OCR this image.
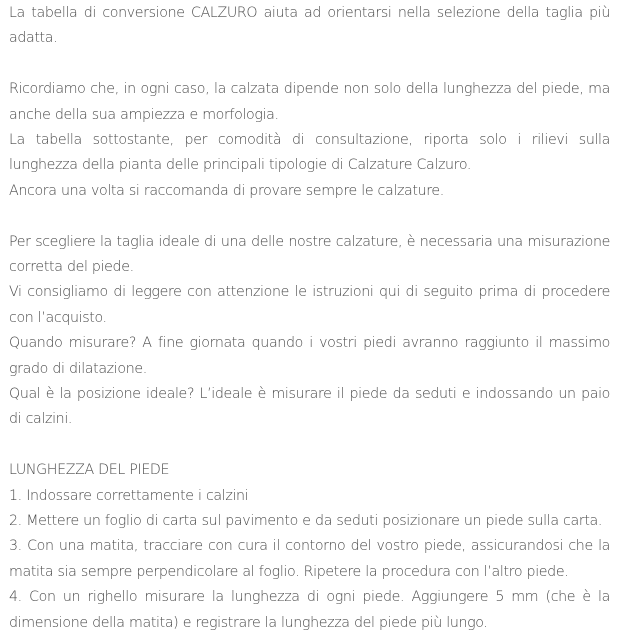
La tabella di conversione CALZURO aiuta ad orientarsi nella selezione della taglia più adatta.

Ricordiamo che, in ogni caso, la calzata dipende non solo della lunghezza del piede, ma anche della sua ampiezza e morfologia.

La tabella sottostante, per comodità di consultazione, riporta solo i rilievi sulla lunghezza della pianta delle principali tipologie di Calzature Calzuro.

Ancora una volta si raccomanda di provare sempre le calzature.

Per scegliere la taglia ideale di una delle nostre calzature, è necessaria una misurazione corretta del piede.

Vi consigliamo di leggere con attenzione le istruzioni qui di seguito prima di procedere con l’acquisto.

Quando misurare? A fine giornata quando i vostri piedi avranno raggiunto il massimo grado di dilatazione.

Qual è la posizione ideale? L’ideale è misurare il piede da seduti e indossando un paio di calzini.

LUNGHEZZA DEL PIEDE

1. Indossare correttamente i calzini

2. Mettere un foglio di carta sul pavimento e da seduti posizionare un piede sulla carta.

3. Con una matita, tracciare con cura il contorno del vostro piede, assicurandosi che la matita sia sempre perpendicolare al foglio. Ripetere la procedura con l’altro piede.

4. Con un righello misurare la lunghezza di ogni piede. Aggiungere 5 mm (che è la dimensione della matita) e registrare la lunghezza del piede più lungo.
